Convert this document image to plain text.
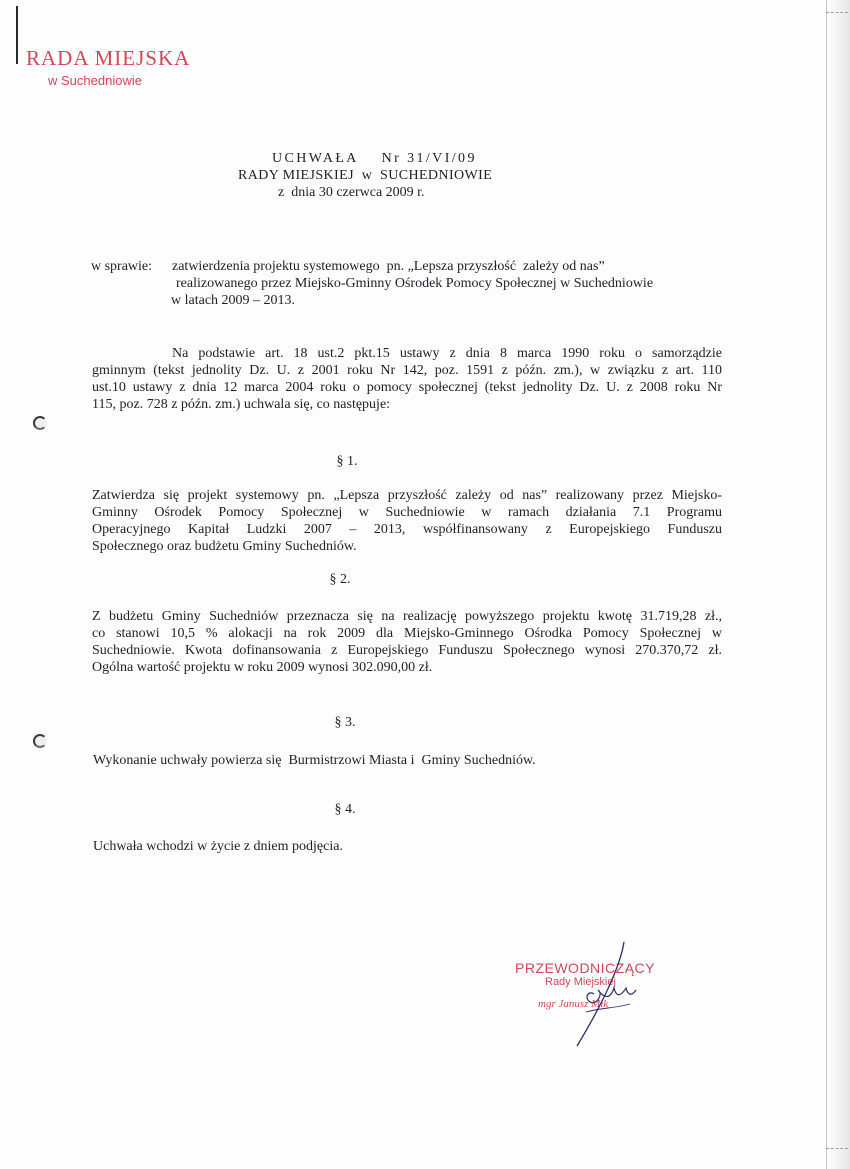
RADA MIEJSKA
w Suchedniowie
UCHWAŁA    Nr 31/VI/09
RADY MIEJSKIEJ  w  SUCHEDNIOWIE
z  dnia 30 czerwca 2009 r.
w sprawie: zatwierdzenia projektu systemowego  pn. „Lepsza przyszłość  zależy od nas”
realizowanego przez Miejsko-Gminny Ośrodek Pomocy Społecznej w Suchedniowie
w latach 2009 – 2013.
Na podstawie art. 18 ust.2 pkt.15 ustawy z dnia 8 marca 1990 roku o samorządzie
gminnym (tekst jednolity Dz. U. z 2001 roku Nr 142, poz. 1591 z późn. zm.), w związku z art. 110
ust.10 ustawy z dnia 12 marca 2004 roku o pomocy społecznej (tekst jednolity Dz. U. z 2008 roku Nr
115, poz. 728 z późn. zm.) uchwala się, co następuje:
§ 1.
Zatwierdza się projekt systemowy pn. „Lepsza przyszłość zależy od nas” realizowany przez Miejsko-
Gminny Ośrodek Pomocy Społecznej w Suchedniowie w ramach działania 7.1 Programu
Operacyjnego Kapitał Ludzki 2007 – 2013, współfinansowany z Europejskiego Funduszu
Społecznego oraz budżetu Gminy Suchedniów.
§ 2.
Z budżetu Gminy Suchedniów przeznacza się na realizację powyższego projektu kwotę 31.719,28 zł.,
co stanowi 10,5 % alokacji na rok 2009 dla Miejsko-Gminnego Ośrodka Pomocy Społecznej w
Suchedniowie. Kwota dofinansowania z Europejskiego Funduszu Społecznego wynosi 270.370,72 zł.
Ogólna wartość projektu w roku 2009 wynosi 302.090,00 zł.
§ 3.
Wykonanie uchwały powierza się  Burmistrzowi Miasta i  Gminy Suchedniów.
§ 4.
Uchwała wchodzi w życie z dniem podjęcia.
PRZEWODNICZĄCY
Rady Miejskiej
mgr Janusz Mik
